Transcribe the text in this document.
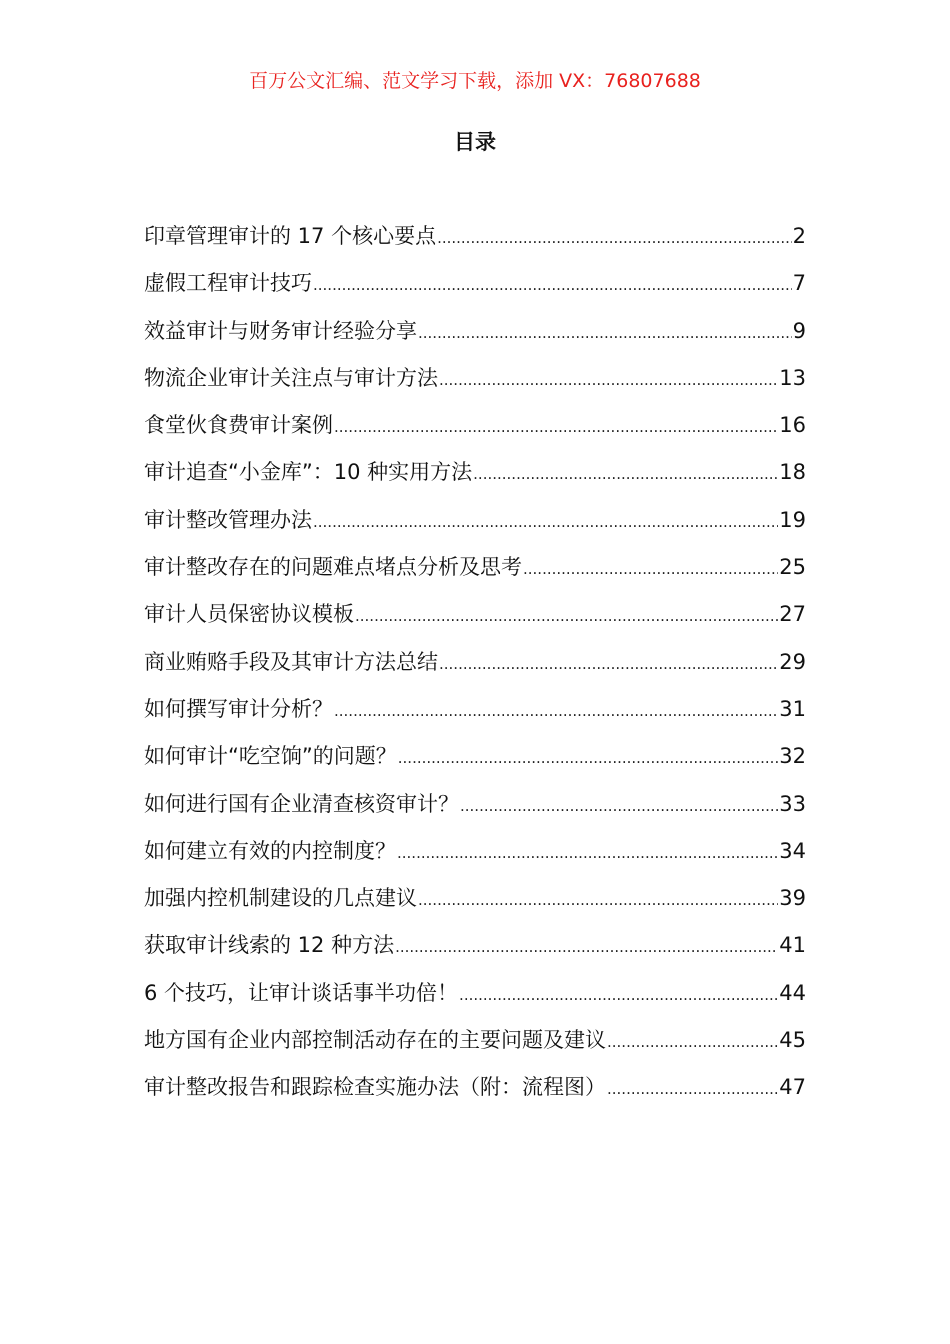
百万公文汇编、范文学习下载，添加 VX：76807688
目录
印章管理审计的 17 个核心要点 .....	2
虚假工程审计技巧 .....	7
效益审计与财务审计经验分享 .....	9
物流企业审计关注点与审计方法 .....	13
食堂伙食费审计案例 .....	16
审计追查“小金库”：10 种实用方法 .....	18
审计整改管理办法 .....	19
审计整改存在的问题难点堵点分析及思考 .....	25
审计人员保密协议模板 .....	27
商业贿赂手段及其审计方法总结 .....	29
如何撰写审计分析？ .....	31
如何审计“吃空饷”的问题？ .....	32
如何进行国有企业清查核资审计？ .....	33
如何建立有效的内控制度？ .....	34
加强内控机制建设的几点建议 .....	39
获取审计线索的 12 种方法 .....	41
6 个技巧，让审计谈话事半功倍！ .....	44
地方国有企业内部控制活动存在的主要问题及建议 .....	45
审计整改报告和跟踪检查实施办法（附：流程图） .....	47
